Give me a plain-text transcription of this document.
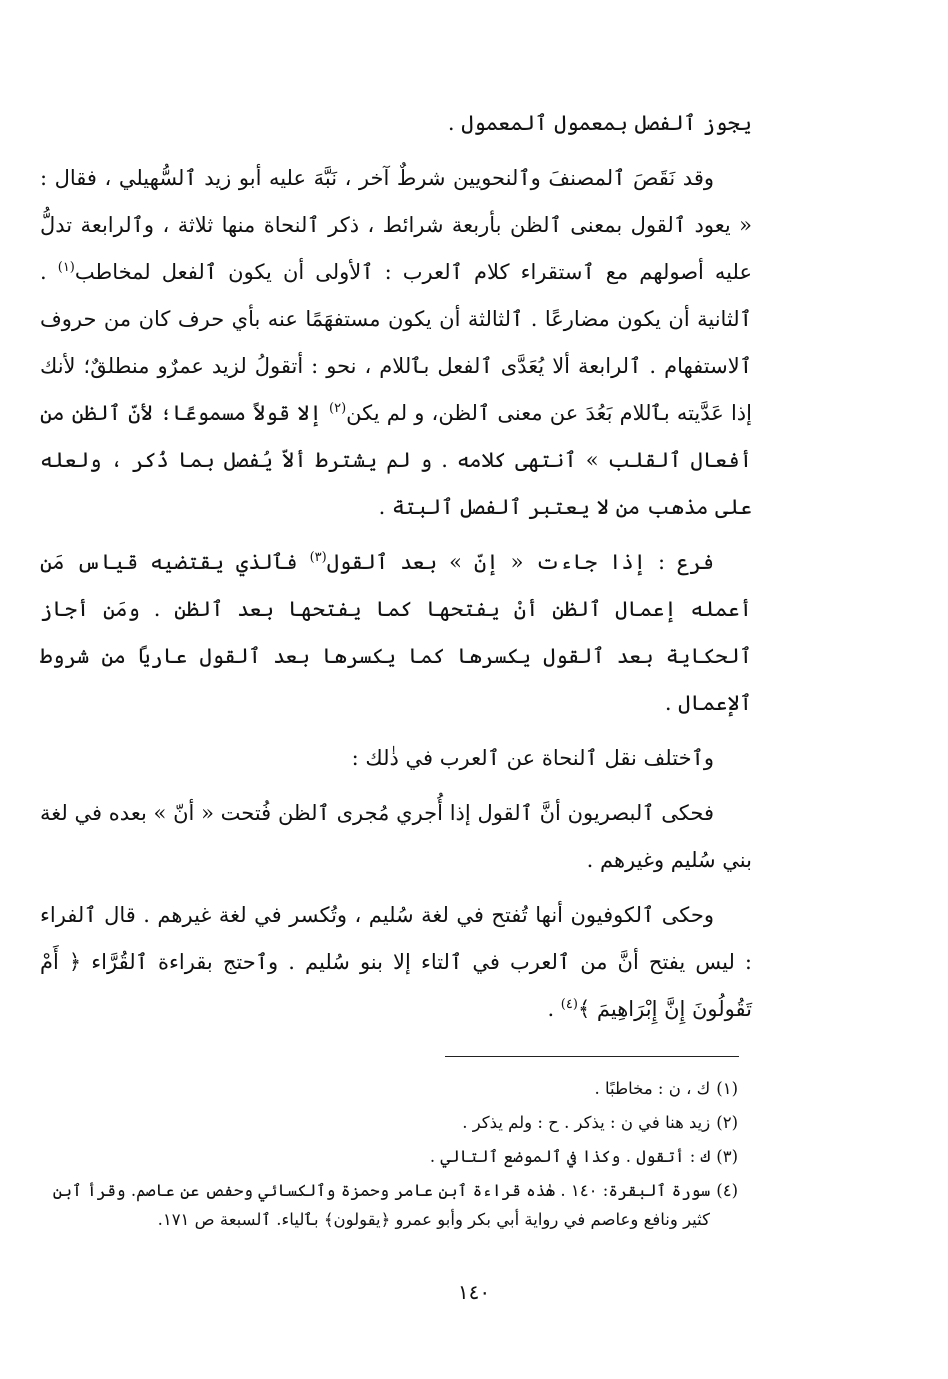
يجوز ٱلفصل بمعمول ٱلمعمول .

وقد نَقَصَ ٱلمصنفَ وٱلنحويين شرطٌ آخر ، نَبَّهَ عليه أبو زيد ٱلسُّهيلي ، فقال : « يعود ٱلقول بمعنى ٱلظن بأربعة شرائط ، ذكر ٱلنحاة منها ثلاثة ، وٱلرابعة تدلُّ عليه أصولهم مع ٱستقراء كلام ٱلعرب : ٱلأولى أن يكون ٱلفعل لمخاطب$^{(١)}$ . ٱلثانية أن يكون مضارعًا . ٱلثالثة أن يكون مستفهَمًا عنه بأي حرف كان من حروف ٱلاستفهام . ٱلرابعة ألا يُعَدَّى ٱلفعل بٱللام ، نحو : أتقولُ لزيد عمرٌو منطلقٌ؛ لأنك إذا عَدَّيته بٱللام بَعُدَ عن معنى ٱلظن، و لم يكن$^{(٢)}$ إلا قولاً مسموعًا؛ لأنّ ٱلظن من أفعال ٱلقلب » ٱنتهى كلامه . و لم يشترط ألاّ يُفصل بما ذُكر ، ولعله على مذهب من لا يعتبر ٱلفصل ٱلبتة .

فرع : إذا جاءت « إنّ » بعد ٱلقول$^{(٣)}$ فٱلذي يقتضيه قياس مَن أعمله إعمال ٱلظن أنْ يفتحها كما يفتحها بعد ٱلظن . ومَن أجاز ٱلحكاية بعد ٱلقول يكسرها كما يكسرها بعد ٱلقول عاريًا من شروط ٱلإعمال .

وٱختلف نقل ٱلنحاة عن ٱلعرب في ذٰلك :

فحكى ٱلبصريون أنَّ ٱلقول إذا أُجري مُجرى ٱلظن فُتحت « أنّ » بعده في لغة بني سُليم وغيرهم .

وحكى ٱلكوفيون أنها تُفتح في لغة سُليم ، وتُكسر في لغة غيرهم . قال ٱلفراء : ليس يفتح أنَّ من ٱلعرب في ٱلتاء إلا بنو سُليم . وٱحتج بقراءة ٱلقُرَّاء ﴿ أَمْ تَقُولُونَ إِنَّ إِبْرَاهِيمَ ﴾$^{(٤)}$ .

(١)ك ، ن : مخاطبًا .
(٢)زيد هنا في ن : يذكر . ح : ولم يذكر .
(٣)ك : أتقول . وكذا في ٱلموضع ٱلتالي .
(٤)سورة ٱلبقرة: ١٤٠ . هٰذه قراءة ٱبن عامر وحمزة وٱلكسائي وحفص عن عاصم. وقرأ ٱبن
كثير ونافع وعاصم في رواية أبي بكر وأبو عمرو ﴿يقولون﴾ بٱلياء. ٱلسبعة ص ١٧١.
١٤٠
